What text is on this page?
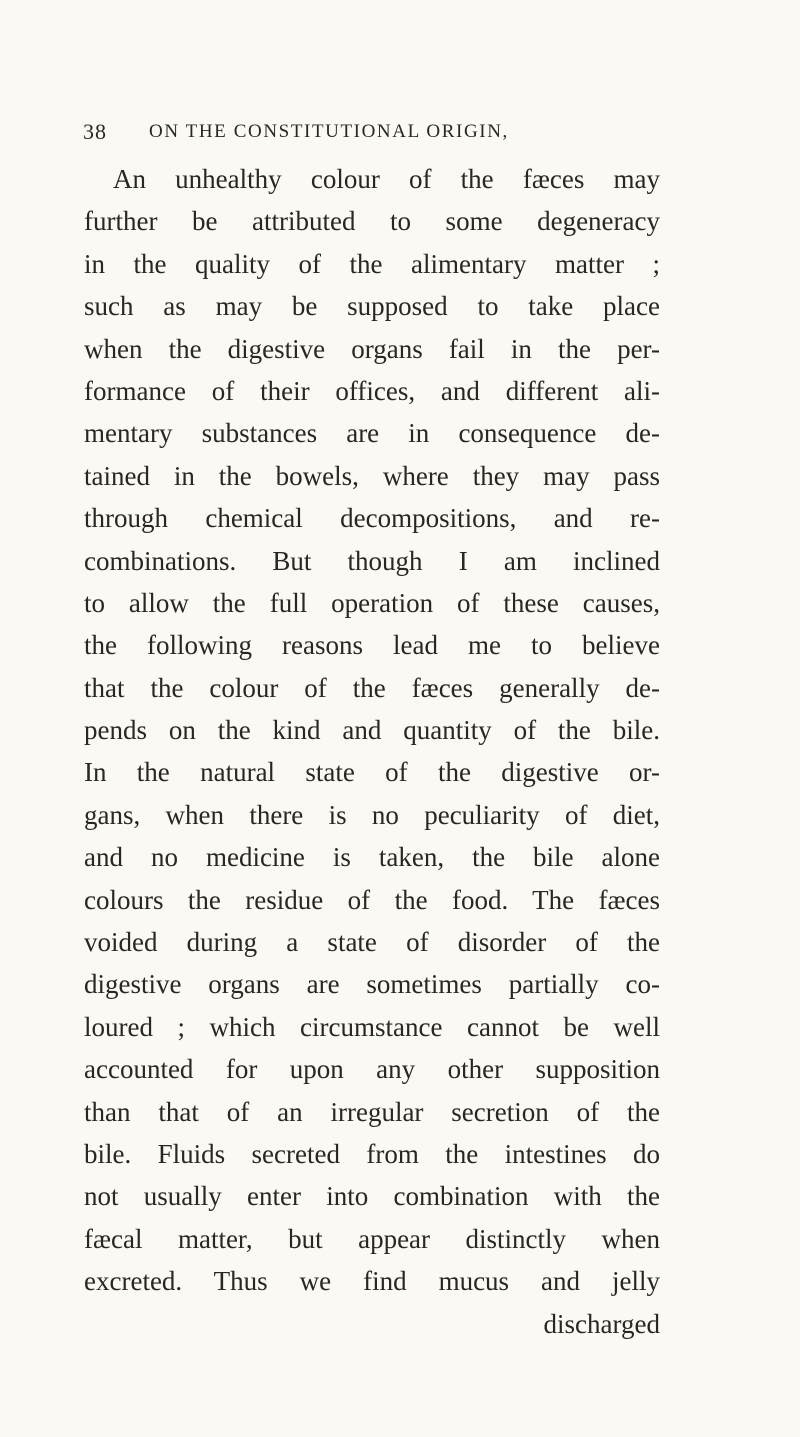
38 ON THE CONSTITUTIONAL ORIGIN,
An unhealthy colour of the fæces may
further be attributed to some degeneracy
in the quality of the alimentary matter ;
such as may be supposed to take place
when the digestive organs fail in the per-
formance of their offices, and different ali-
mentary substances are in consequence de-
tained in the bowels, where they may pass
through chemical decompositions, and re-
combinations. But though I am inclined
to allow the full operation of these causes,
the following reasons lead me to believe
that the colour of the fæces generally de-
pends on the kind and quantity of the bile.
In the natural state of the digestive or-
gans, when there is no peculiarity of diet,
and no medicine is taken, the bile alone
colours the residue of the food. The fæces
voided during a state of disorder of the
digestive organs are sometimes partially co-
loured ; which circumstance cannot be well
accounted for upon any other supposition
than that of an irregular secretion of the
bile. Fluids secreted from the intestines do
not usually enter into combination with the
fæcal matter, but appear distinctly when
excreted. Thus we find mucus and jelly
discharged
